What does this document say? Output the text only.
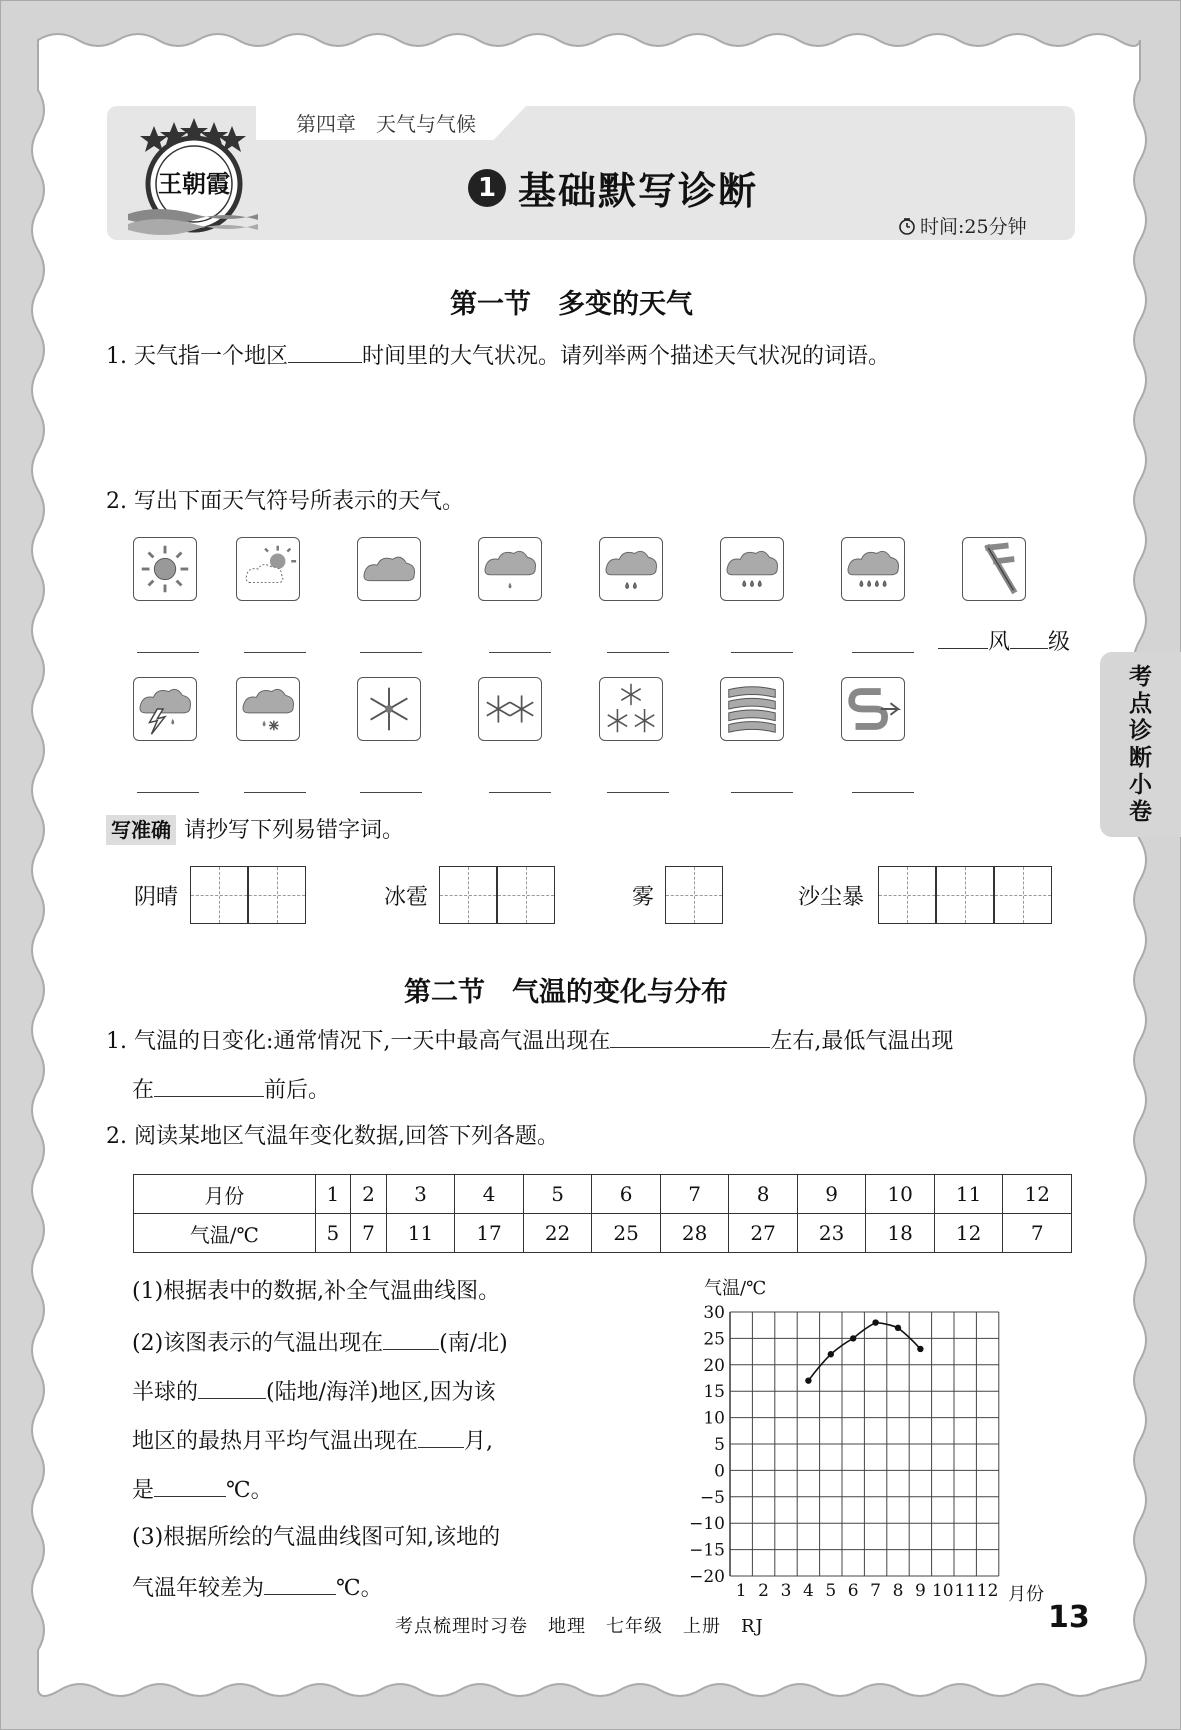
王朝霞
第四章 天气与气候
1 基础默写诊断
时间:25分钟
考
点
诊
断
小
卷
第一节　多变的天气
1. 天气指一个地区	时间里的大气状况。请列举两个描述天气状况的词语。
2. 写出下面天气符号所表示的天气。
风 级
写准确 请抄写下列易错字词。
阴晴	冰雹	雾	沙尘暴
第二节　气温的变化与分布
1. 气温的日变化:通常情况下,一天中最高气温出现在	左右,最低气温出现
在	前后。
2. 阅读某地区气温年变化数据,回答下列各题。
月份	1	2	3	4	5	6	7	8	9	10	11	12
气温/℃	5	7	11	17	22	25	28	27	23	18	12	7
(1)根据表中的数据,补全气温曲线图。
(2)该图表示的气温出现在	(南/北)
半球的	(陆地/海洋)地区,因为该
地区的最热月平均气温出现在 月,
是	℃。
(3)根据所绘的气温曲线图可知,该地的
气温年较差为	℃。
气温/℃
月份
30
25
20
15
10
5
0
−5
−10
−15
−20
1 2 3 4 5 6 7 8 9 10 11 12
考点梳理时习卷 地理 七年级 上册 RJ	13
